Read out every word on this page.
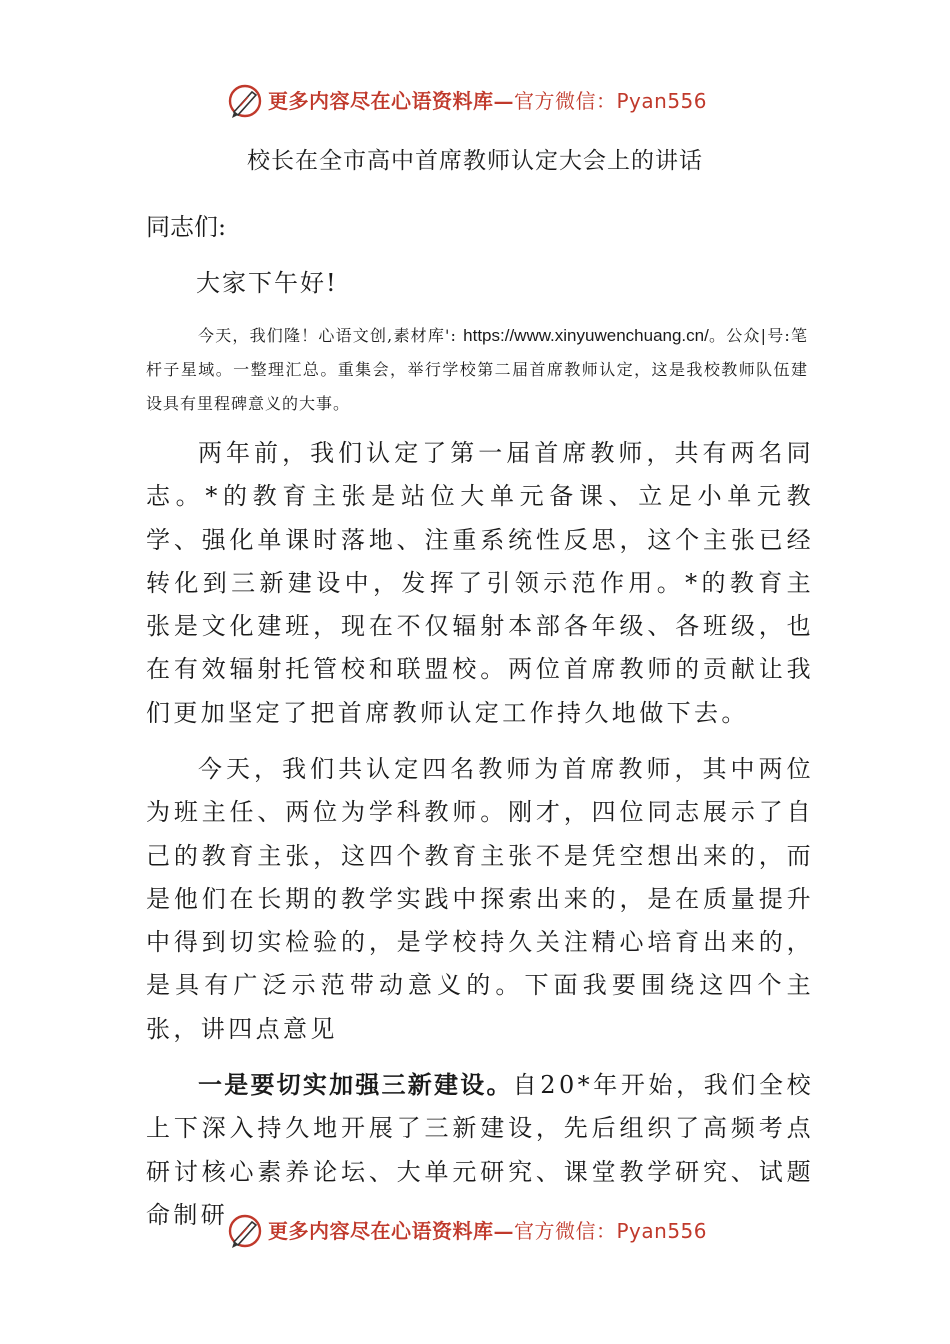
更多内容尽在心语资料库—官方微信：Pyan556
校长在全市高中首席教师认定大会上的讲话
同志们:
大家下午好!
今天，我们隆！心语文创,素材库': https://www.xinyuwenchuang.cn/。公众|号:笔杆子星域。一整理汇总。重集会，举行学校第二届首席教师认定，这是我校教师队伍建设具有里程碑意义的大事。

两年前，我们认定了第一届首席教师，共有两名同志。*的教育主张是站位大单元备课、立足小单元教学、强化单课时落地、注重系统性反思，这个主张已经转化到三新建设中，发挥了引领示范作用。*的教育主张是文化建班，现在不仅辐射本部各年级、各班级，也在有效辐射托管校和联盟校。两位首席教师的贡献让我们更加坚定了把首席教师认定工作持久地做下去。

今天，我们共认定四名教师为首席教师，其中两位为班主任、两位为学科教师。刚才，四位同志展示了自己的教育主张，这四个教育主张不是凭空想出来的，而是他们在长期的教学实践中探索出来的，是在质量提升中得到切实检验的，是学校持久关注精心培育出来的，是具有广泛示范带动意义的。下面我要围绕这四个主张，讲四点意见

一是要切实加强三新建设。自20*年开始，我们全校上下深入持久地开展了三新建设，先后组织了高频考点研讨核心素养论坛、大单元研究、课堂教学研究、试题命制研

更多内容尽在心语资料库—官方微信：Pyan556
